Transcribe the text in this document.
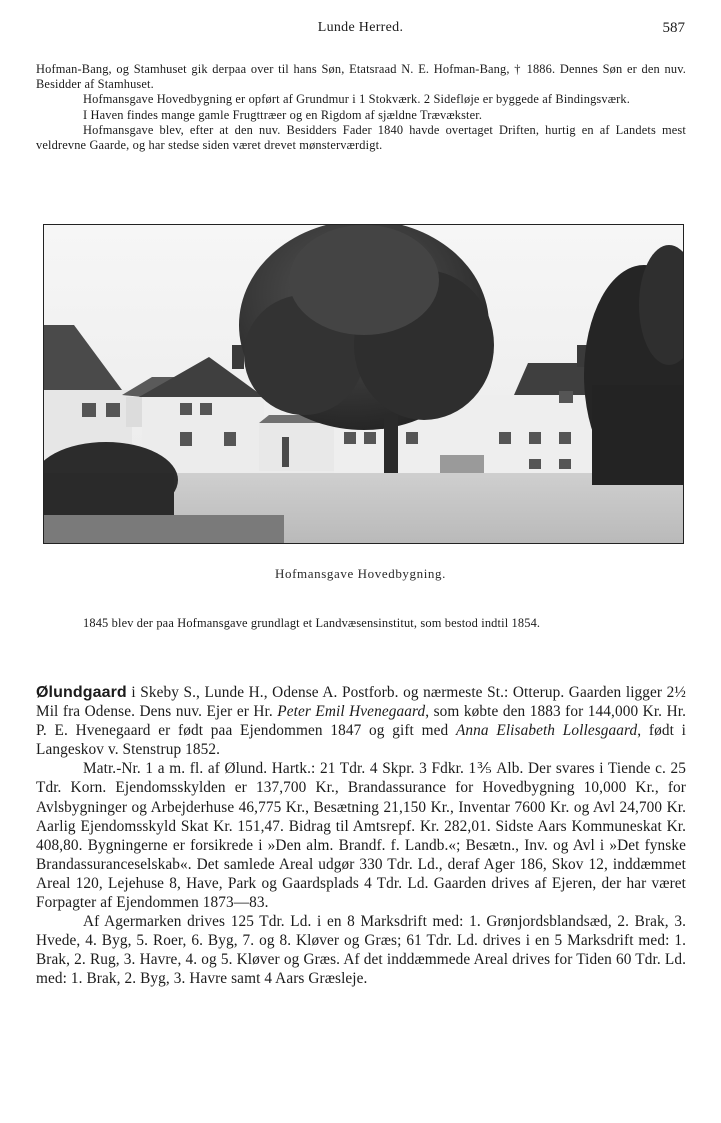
Lunde Herred.	587

Hofman-Bang, og Stamhuset gik derpaa over til hans Søn, Etatsraad N. E. Hofman-Bang, † 1886. Dennes Søn er den nuv. Besidder af Stamhuset.

Hofmansgave Hovedbygning er opført af Grundmur i 1 Stokværk. 2 Sidefløje er byggede af Bindingsværk.

I Haven findes mange gamle Frugttræer og en Rigdom af sjældne Trævækster.

Hofmansgave blev, efter at den nuv. Besidders Fader 1840 havde overtaget Driften, hurtig en af Landets mest veldrevne Gaarde, og har stedse siden været drevet mønsterværdigt.

Hofmansgave Hovedbygning.

1845 blev der paa Hofmansgave grundlagt et Landvæsensinstitut, som bestod indtil 1854.

Ølundgaard i Skeby S., Lunde H., Odense A. Postforb. og nærmeste St.: Otterup. Gaarden ligger 2½ Mil fra Odense. Dens nuv. Ejer er Hr. Peter Emil Hvenegaard, som købte den 1883 for 144,000 Kr. Hr. P. E. Hvenegaard er født paa Ejendommen 1847 og gift med Anna Elisabeth Lollesgaard, født i Langeskov v. Stenstrup 1852.

Matr.-Nr. 1 a m. fl. af Ølund. Hartk.: 21 Tdr. 4 Skpr. 3 Fdkr. 1⅗ Alb. Der svares i Tiende c. 25 Tdr. Korn. Ejendomsskylden er 137,700 Kr., Brandassurance for Hovedbygning 10,000 Kr., for Avlsbygninger og Arbejderhuse 46,775 Kr., Besætning 21,150 Kr., Inventar 7600 Kr. og Avl 24,700 Kr. Aarlig Ejendomsskyld Skat Kr. 151,47. Bidrag til Amtsrepf. Kr. 282,01. Sidste Aars Kommuneskat Kr. 408,80. Bygningerne er forsikrede i »Den alm. Brandf. f. Landb.«; Besætn., Inv. og Avl i »Det fynske Brandassuranceselskab«. Det samlede Areal udgør 330 Tdr. Ld., deraf Ager 186, Skov 12, inddæmmet Areal 120, Lejehuse 8, Have, Park og Gaardsplads 4 Tdr. Ld. Gaarden drives af Ejeren, der har været Forpagter af Ejendommen 1873—83.

Af Agermarken drives 125 Tdr. Ld. i en 8 Marksdrift med: 1. Grønjordsblandsæd, 2. Brak, 3. Hvede, 4. Byg, 5. Roer, 6. Byg, 7. og 8. Kløver og Græs; 61 Tdr. Ld. drives i en 5 Marksdrift med: 1. Brak, 2. Rug, 3. Havre, 4. og 5. Kløver og Græs. Af det inddæmmede Areal drives for Tiden 60 Tdr. Ld. med: 1. Brak, 2. Byg, 3. Havre samt 4 Aars Græsleje.
